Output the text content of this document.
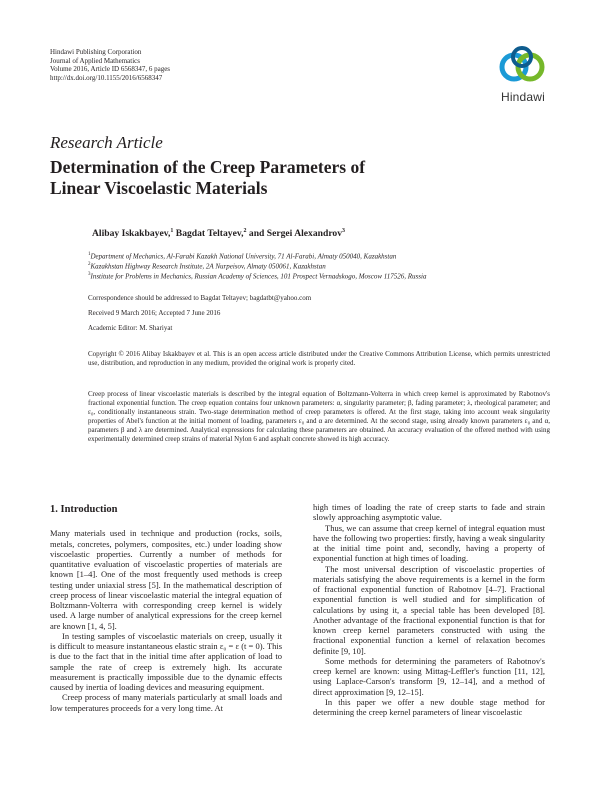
Hindawi Publishing Corporation
Journal of Applied Mathematics
Volume 2016, Article ID 6568347, 6 pages
http://dx.doi.org/10.1155/2016/6568347
Hindawi
Research Article
Determination of the Creep Parameters of
Linear Viscoelastic Materials
Alibay Iskakbayev,$^1$ Bagdat Teltayev,$^2$ and Sergei Alexandrov$^3$
$^1$Department of Mechanics, Al-Farabi Kazakh National University, 71 Al-Farabi, Almaty 050040, Kazakhstan
$^2$Kazakhstan Highway Research Institute, 2A Nurpeisov, Almaty 050061, Kazakhstan
$^3$Institute for Problems in Mechanics, Russian Academy of Sciences, 101 Prospect Vernadskogo, Moscow 117526, Russia
Correspondence should be addressed to Bagdat Teltayev; bagdatbt@yahoo.com
Received 9 March 2016; Accepted 7 June 2016
Academic Editor: M. Shariyat
Copyright © 2016 Alibay Iskakbayev et al. This is an open access article distributed under the Creative Commons Attribution License, which permits unrestricted use, distribution, and reproduction in any medium, provided the original work is properly cited.
Creep process of linear viscoelastic materials is described by the integral equation of Boltzmann-Volterra in which creep kernel is approximated by Rabotnov's fractional exponential function. The creep equation contains four unknown parameters: α, singularity parameter; β, fading parameter; λ, rheological parameter; and ε₀, conditionally instantaneous strain. Two-stage determination method of creep parameters is offered. At the first stage, taking into account weak singularity properties of Abel's function at the initial moment of loading, parameters ε₀ and α are determined. At the second stage, using already known parameters ε₀ and α, parameters β and λ are determined. Analytical expressions for calculating these parameters are obtained. An accuracy evaluation of the offered method with using experimentally determined creep strains of material Nylon 6 and asphalt concrete showed its high accuracy.
1. Introduction

Many materials used in technique and production (rocks, soils, metals, concretes, polymers, composites, etc.) under loading show viscoelastic properties. Currently a number of methods for quantitative evaluation of viscoelastic properties of materials are known [1–4]. One of the most frequently used methods is creep testing under uniaxial stress [5]. In the mathematical description of creep process of linear viscoelastic material the integral equation of Boltzmann-Volterra with corresponding creep kernel is widely used. A large number of analytical expressions for the creep kernel are known [1, 4, 5].

In testing samples of viscoelastic materials on creep, usually it is difficult to measure instantaneous elastic strain ε₀ = ε (t = 0). This is due to the fact that in the initial time after application of load to sample the rate of creep is extremely high. Its accurate measurement is practically impossible due to the dynamic effects caused by inertia of loading devices and measuring equipment.

Creep process of many materials particularly at small loads and low temperatures proceeds for a very long time. At

high times of loading the rate of creep starts to fade and strain slowly approaching asymptotic value.

Thus, we can assume that creep kernel of integral equation must have the following two properties: firstly, having a weak singularity at the initial time point and, secondly, having a property of exponential function at high times of loading.

The most universal description of viscoelastic properties of materials satisfying the above requirements is a kernel in the form of fractional exponential function of Rabotnov [4–7]. Fractional exponential function is well studied and for simplification of calculations by using it, a special table has been developed [8]. Another advantage of the fractional exponential function is that for known creep kernel parameters constructed with using the fractional exponential function a kernel of relaxation becomes definite [9, 10].

Some methods for determining the parameters of Rabotnov's creep kernel are known: using Mittag-Leffler's function [11, 12], using Laplace-Carson's transform [9, 12–14], and a method of direct approximation [9, 12–15].

In this paper we offer a new double stage method for determining the creep kernel parameters of linear viscoelastic
